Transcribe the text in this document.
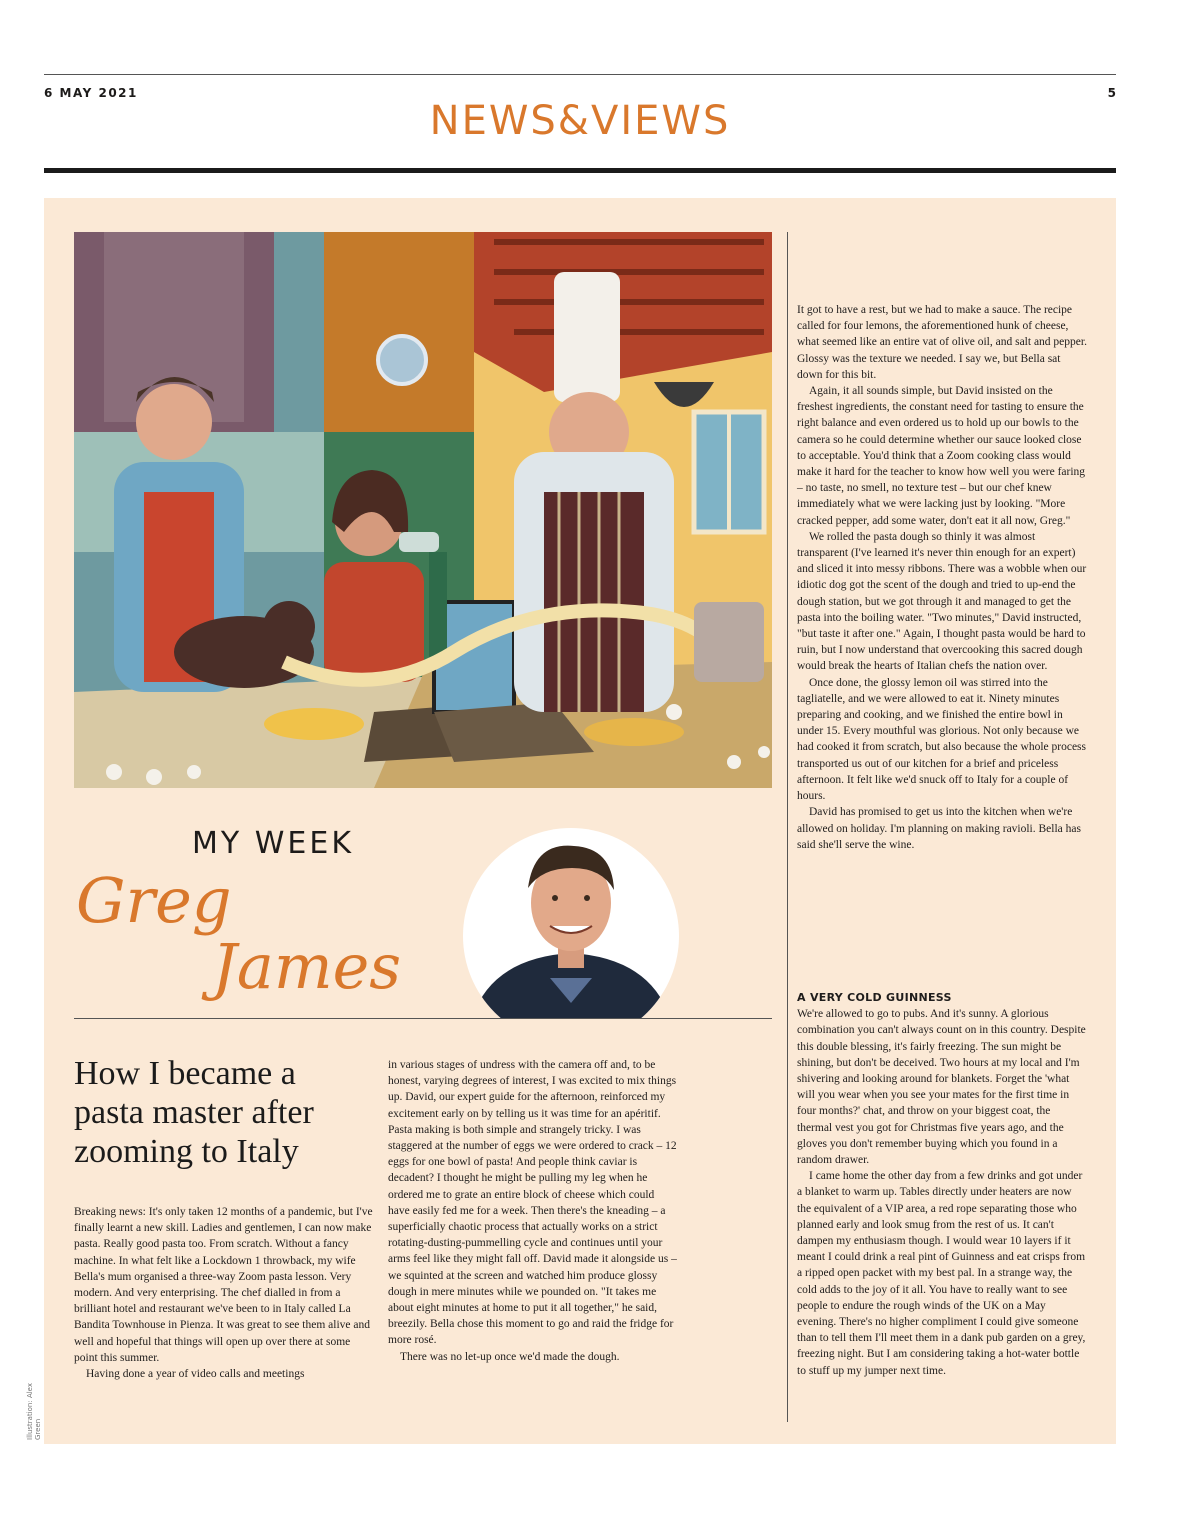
6 MAY 2021	5
NEWS&VIEWS
Illustration: Alex Green
MY WEEK
Greg
James
How I became a pasta master after zooming to Italy

Breaking news: It's only taken 12 months of a pandemic, but I've finally learnt a new skill. Ladies and gentlemen, I can now make pasta. Really good pasta too. From scratch. Without a fancy machine. In what felt like a Lockdown 1 throwback, my wife Bella's mum organised a three-way Zoom pasta lesson. Very modern. And very enterprising. The chef dialled in from a brilliant hotel and restaurant we've been to in Italy called La Bandita Townhouse in Pienza. It was great to see them alive and well and hopeful that things will open up over there at some point this summer.

Having done a year of video calls and meetings

in various stages of undress with the camera off and, to be honest, varying degrees of interest, I was excited to mix things up. David, our expert guide for the afternoon, reinforced my excitement early on by telling us it was time for an apéritif. Pasta making is both simple and strangely tricky. I was staggered at the number of eggs we were ordered to crack – 12 eggs for one bowl of pasta! And people think caviar is decadent? I thought he might be pulling my leg when he ordered me to grate an entire block of cheese which could have easily fed me for a week. Then there's the kneading – a superficially chaotic process that actually works on a strict rotating-dusting-pummelling cycle and continues until your arms feel like they might fall off. David made it alongside us – we squinted at the screen and watched him produce glossy dough in mere minutes while we pounded on. "It takes me about eight minutes at home to put it all together," he said, breezily. Bella chose this moment to go and raid the fridge for more rosé.

There was no let-up once we'd made the dough.

It got to have a rest, but we had to make a sauce. The recipe called for four lemons, the aforementioned hunk of cheese, what seemed like an entire vat of olive oil, and salt and pepper. Glossy was the texture we needed. I say we, but Bella sat down for this bit.

Again, it all sounds simple, but David insisted on the freshest ingredients, the constant need for tasting to ensure the right balance and even ordered us to hold up our bowls to the camera so he could determine whether our sauce looked close to acceptable. You'd think that a Zoom cooking class would make it hard for the teacher to know how well you were faring – no taste, no smell, no texture test – but our chef knew immediately what we were lacking just by looking. "More cracked pepper, add some water, don't eat it all now, Greg."

We rolled the pasta dough so thinly it was almost transparent (I've learned it's never thin enough for an expert) and sliced it into messy ribbons. There was a wobble when our idiotic dog got the scent of the dough and tried to up-end the dough station, but we got through it and managed to get the pasta into the boiling water. "Two minutes," David instructed, "but taste it after one." Again, I thought pasta would be hard to ruin, but I now understand that overcooking this sacred dough would break the hearts of Italian chefs the nation over.

Once done, the glossy lemon oil was stirred into the tagliatelle, and we were allowed to eat it. Ninety minutes preparing and cooking, and we finished the entire bowl in under 15. Every mouthful was glorious. Not only because we had cooked it from scratch, but also because the whole process transported us out of our kitchen for a brief and priceless afternoon. It felt like we'd snuck off to Italy for a couple of hours.

David has promised to get us into the kitchen when we're allowed on holiday. I'm planning on making ravioli. Bella has said she'll serve the wine.

A VERY COLD GUINNESS

We're allowed to go to pubs. And it's sunny. A glorious combination you can't always count on in this country. Despite this double blessing, it's fairly freezing. The sun might be shining, but don't be deceived. Two hours at my local and I'm shivering and looking around for blankets. Forget the 'what will you wear when you see your mates for the first time in four months?' chat, and throw on your biggest coat, the thermal vest you got for Christmas five years ago, and the gloves you don't remember buying which you found in a random drawer.

I came home the other day from a few drinks and got under a blanket to warm up. Tables directly under heaters are now the equivalent of a VIP area, a red rope separating those who planned early and look smug from the rest of us. It can't dampen my enthusiasm though. I would wear 10 layers if it meant I could drink a real pint of Guinness and eat crisps from a ripped open packet with my best pal. In a strange way, the cold adds to the joy of it all. You have to really want to see people to endure the rough winds of the UK on a May evening. There's no higher compliment I could give someone than to tell them I'll meet them in a dank pub garden on a grey, freezing night. But I am considering taking a hot-water bottle to stuff up my jumper next time.
